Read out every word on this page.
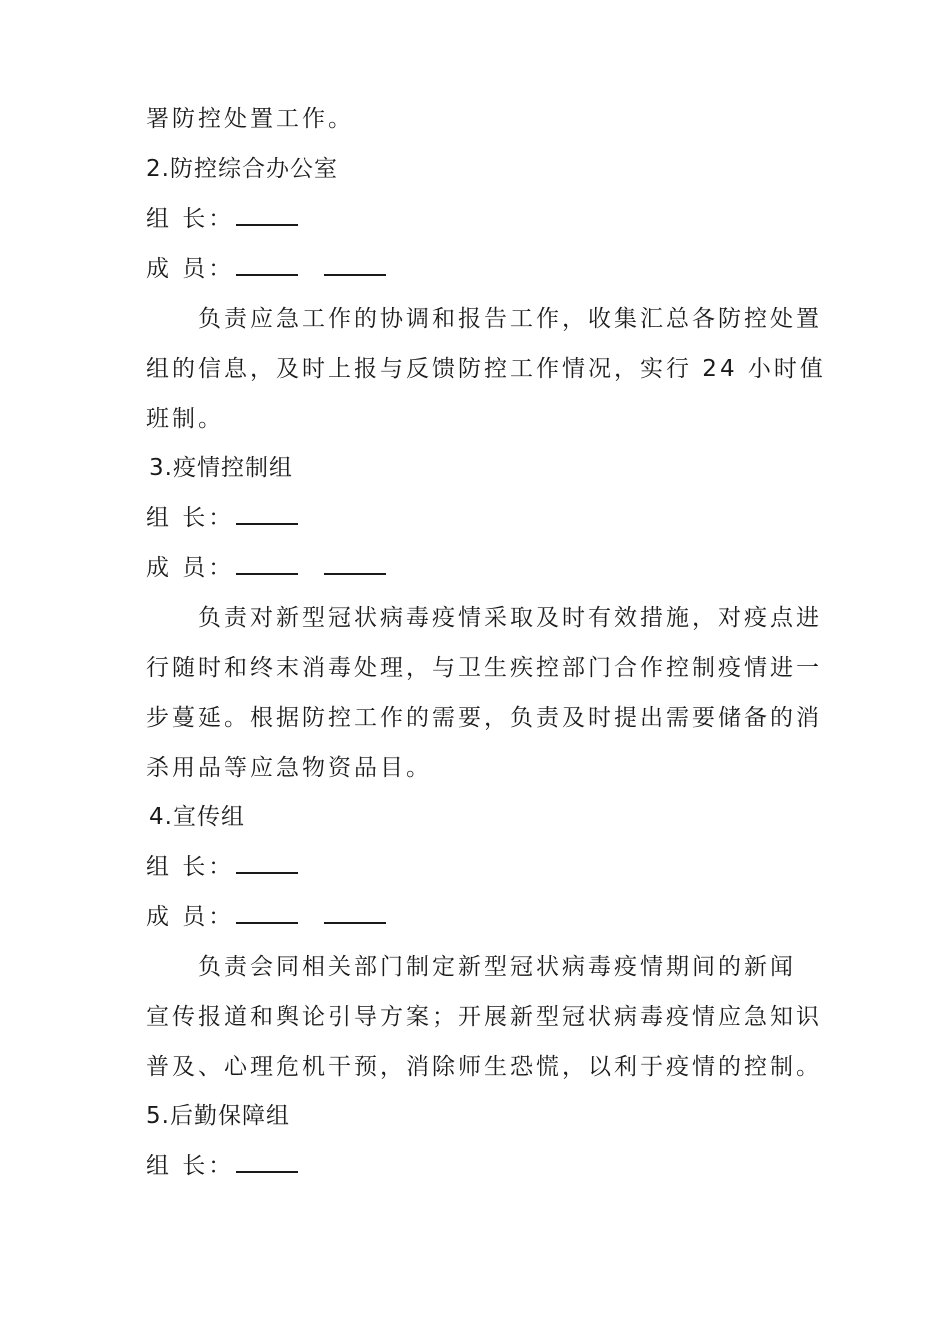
署防控处置工作。
2.防控综合办公室
组 长：
成 员：
负责应急工作的协调和报告工作，收集汇总各防控处置
组的信息，及时上报与反馈防控工作情况，实行 24 小时值
班制。
3.疫情控制组
组 长：
成 员：
负责对新型冠状病毒疫情采取及时有效措施，对疫点进
行随时和终末消毒处理，与卫生疾控部门合作控制疫情进一
步蔓延。根据防控工作的需要，负责及时提出需要储备的消
杀用品等应急物资品目。
4.宣传组
组 长：
成 员：
负责会同相关部门制定新型冠状病毒疫情期间的新闻
宣传报道和舆论引导方案；开展新型冠状病毒疫情应急知识
普及、心理危机干预，消除师生恐慌，以利于疫情的控制。
5.后勤保障组
组 长：
